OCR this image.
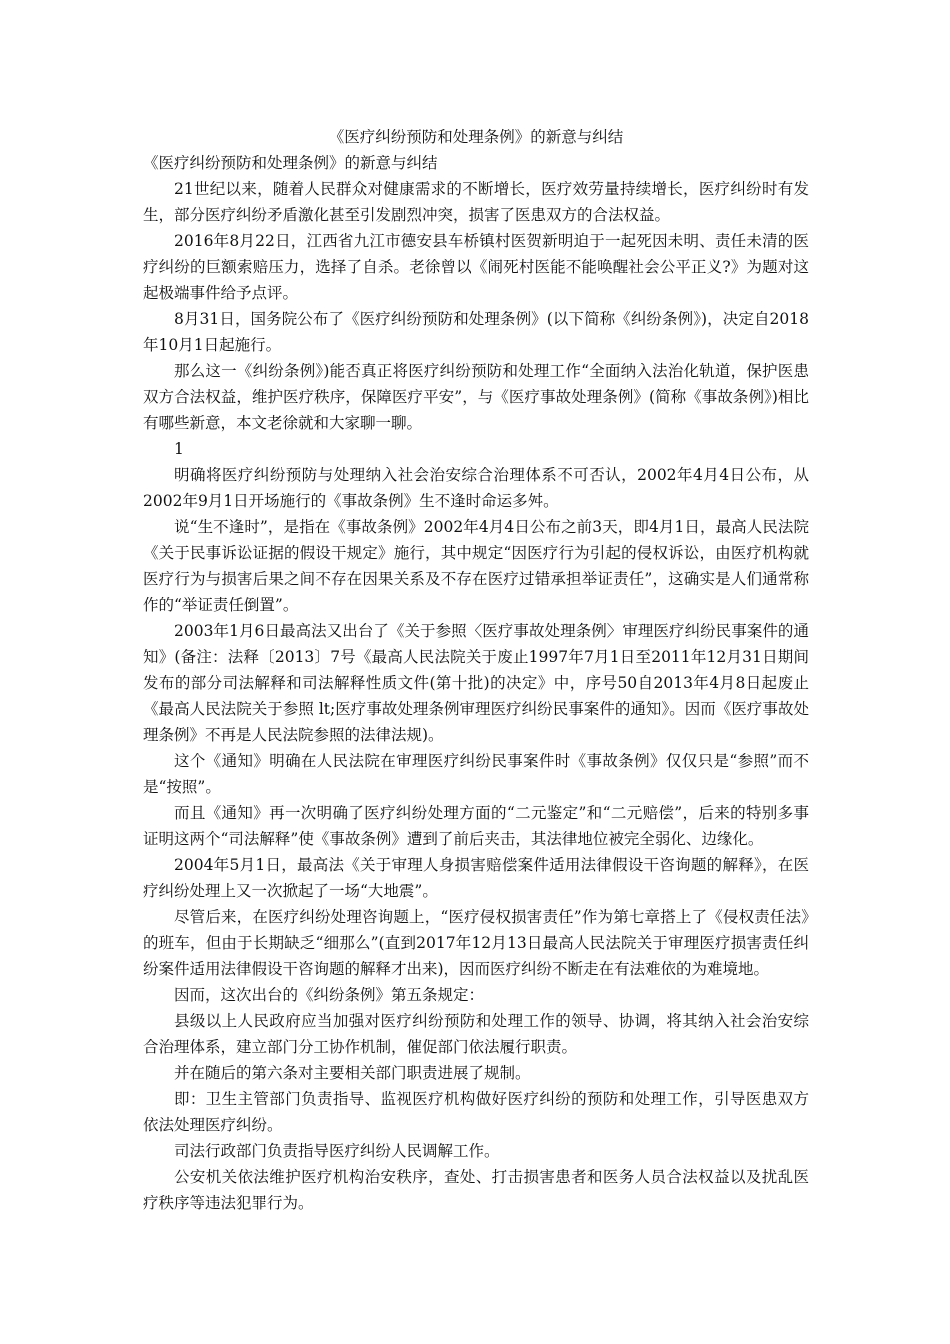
《医疗纠纷预防和处理条例》的新意与纠结

《医疗纠纷预防和处理条例》的新意与纠结

21世纪以来，随着人民群众对健康需求的不断增长，医疗效劳量持续增长，医疗纠纷时有发生，部分医疗纠纷矛盾激化甚至引发剧烈冲突，损害了医患双方的合法权益。

2016年8月22日，江西省九江市德安县车桥镇村医贺新明迫于一起死因未明、责任未清的医疗纠纷的巨额索赔压力，选择了自杀。老徐曾以《闹死村医能不能唤醒社会公平正义?》为题对这起极端事件给予点评。

8月31日，国务院公布了《医疗纠纷预防和处理条例》(以下简称《纠纷条例》)，决定自2018年10月1日起施行。

那么这一《纠纷条例》)能否真正将医疗纠纷预防和处理工作“全面纳入法治化轨道，保护医患双方合法权益，维护医疗秩序，保障医疗平安”，与《医疗事故处理条例》(简称《事故条例》)相比有哪些新意，本文老徐就和大家聊一聊。

1

明确将医疗纠纷预防与处理纳入社会治安综合治理体系不可否认，2002年4月4日公布，从2002年9月1日开场施行的《事故条例》生不逢时命运多舛。

说“生不逢时”，是指在《事故条例》2002年4月4日公布之前3天，即4月1日，最高人民法院《关于民事诉讼证据的假设干规定》施行，其中规定“因医疗行为引起的侵权诉讼，由医疗机构就医疗行为与损害后果之间不存在因果关系及不存在医疗过错承担举证责任”，这确实是人们通常称作的“举证责任倒置”。

2003年1月6日最高法又出台了《关于参照〈医疗事故处理条例〉审理医疗纠纷民事案件的通知》(备注：法释〔2013〕7号《最高人民法院关于废止1997年7月1日至2011年12月31日期间发布的部分司法解释和司法解释性质文件(第十批)的决定》中，序号50自2013年4月8日起废止《最高人民法院关于参照 lt;医疗事故处理条例审理医疗纠纷民事案件的通知》。因而《医疗事故处理条例》不再是人民法院参照的法律法规)。

这个《通知》明确在人民法院在审理医疗纠纷民事案件时《事故条例》仅仅只是“参照”而不是“按照”。

而且《通知》再一次明确了医疗纠纷处理方面的“二元鉴定”和“二元赔偿”，后来的特别多事证明这两个“司法解释”使《事故条例》遭到了前后夹击，其法律地位被完全弱化、边缘化。

2004年5月1日，最高法《关于审理人身损害赔偿案件适用法律假设干咨询题的解释》，在医疗纠纷处理上又一次掀起了一场“大地震”。

尽管后来，在医疗纠纷处理咨询题上，“医疗侵权损害责任”作为第七章搭上了《侵权责任法》的班车，但由于长期缺乏“细那么”(直到2017年12月13日最高人民法院关于审理医疗损害责任纠纷案件适用法律假设干咨询题的解释才出来)，因而医疗纠纷不断走在有法难依的为难境地。

因而，这次出台的《纠纷条例》第五条规定：

县级以上人民政府应当加强对医疗纠纷预防和处理工作的领导、协调，将其纳入社会治安综合治理体系，建立部门分工协作机制，催促部门依法履行职责。

并在随后的第六条对主要相关部门职责进展了规制。

即：卫生主管部门负责指导、监视医疗机构做好医疗纠纷的预防和处理工作，引导医患双方依法处理医疗纠纷。

司法行政部门负责指导医疗纠纷人民调解工作。

公安机关依法维护医疗机构治安秩序，查处、打击损害患者和医务人员合法权益以及扰乱医疗秩序等违法犯罪行为。
